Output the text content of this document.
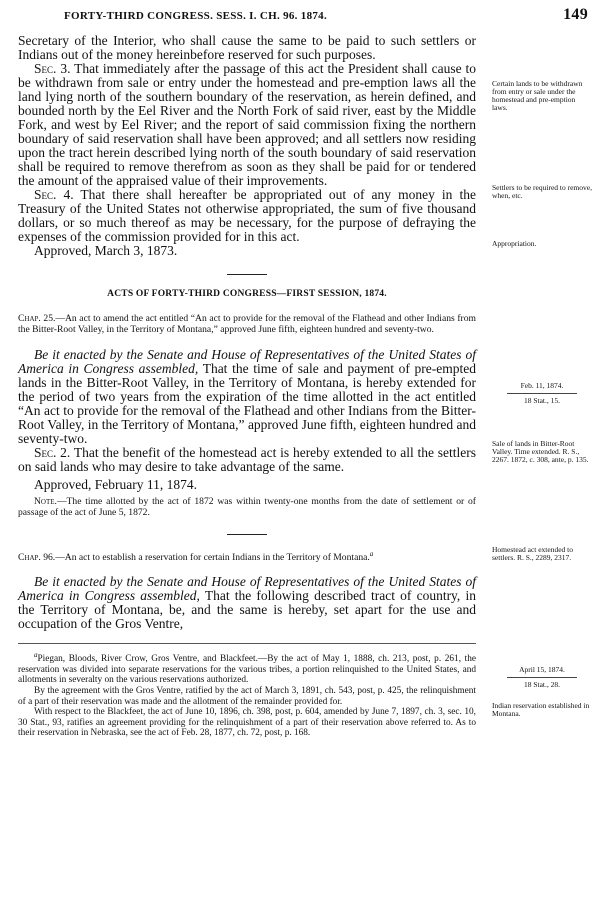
FORTY-THIRD CONGRESS. SESS. I. CH. 96. 1874.	149

Secretary of the Interior, who shall cause the same to be paid to such settlers or Indians out of the money hereinbefore reserved for such purposes.

Sec. 3. That immediately after the passage of this act the President shall cause to be withdrawn from sale or entry under the homestead and pre-emption laws all the land lying north of the southern boundary of the reservation, as herein defined, and bounded north by the Eel River and the North Fork of said river, east by the Middle Fork, and west by Eel River; and the report of said commission fixing the northern boundary of said reservation shall have been approved; and all settlers now residing upon the tract herein described lying north of the south boundary of said reservation shall be required to remove therefrom as soon as they shall be paid for or tendered the amount of the appraised value of their improvements.

Sec. 4. That there shall hereafter be appropriated out of any money in the Treasury of the United States not otherwise appropriated, the sum of five thousand dollars, or so much thereof as may be necessary, for the purpose of defraying the expenses of the commission provided for in this act.

Approved, March 3, 1873.

ACTS OF FORTY-THIRD CONGRESS—FIRST SESSION, 1874.

Chap. 25.—An act to amend the act entitled “An act to provide for the removal of the Flathead and other Indians from the Bitter-Root Valley, in the Territory of Montana,” approved June fifth, eighteen hundred and seventy-two.

Be it enacted by the Senate and House of Representatives of the United States of America in Congress assembled, That the time of sale and payment of pre-empted lands in the Bitter-Root Valley, in the Territory of Montana, is hereby extended for the period of two years from the expiration of the time allotted in the act entitled “An act to provide for the removal of the Flathead and other Indians from the Bitter-Root Valley, in the Territory of Montana,” approved June fifth, eighteen hundred and seventy-two.

Sec. 2. That the benefit of the homestead act is hereby extended to all the settlers on said lands who may desire to take advantage of the same.

Approved, February 11, 1874.

Note.—The time allotted by the act of 1872 was within twenty-one months from the date of settlement or of passage of the act of June 5, 1872.

Chap. 96.—An act to establish a reservation for certain Indians in the Territory of Montana.$^a$

Be it enacted by the Senate and House of Representatives of the United States of America in Congress assembled, That the following described tract of country, in the Territory of Montana, be, and the same is hereby, set apart for the use and occupation of the Gros Ventre,

$^a$Piegan, Bloods, River Crow, Gros Ventre, and Blackfeet.—By the act of May 1, 1888, ch. 213, post, p. 261, the reservation was divided into separate reservations for the various tribes, a portion relinquished to the United States, and allotments in severalty on the various reservations authorized.

By the agreement with the Gros Ventre, ratified by the act of March 3, 1891, ch. 543, post, p. 425, the relinquishment of a part of their reservation was made and the allotment of the remainder provided for.

With respect to the Blackfeet, the act of June 10, 1896, ch. 398, post, p. 604, amended by June 7, 1897, ch. 3, sec. 10, 30 Stat., 93, ratifies an agreement providing for the relinquishment of a part of their reservation above referred to. As to their reservation in Nebraska, see the act of Feb. 28, 1877, ch. 72, post, p. 168.

Certain lands to be withdrawn from entry or sale under the homestead and pre-emption laws.
Settlers to be required to remove, when, etc.
Appropriation.
Feb. 11, 1874.
18 Stat., 15.
Sale of lands in Bitter-Root Valley. Time extended. R. S., 2267. 1872, c. 308, ante, p. 135.
Homestead act extended to settlers. R. S., 2289, 2317.
April 15, 1874.
18 Stat., 28.
Indian reservation established in Montana.
